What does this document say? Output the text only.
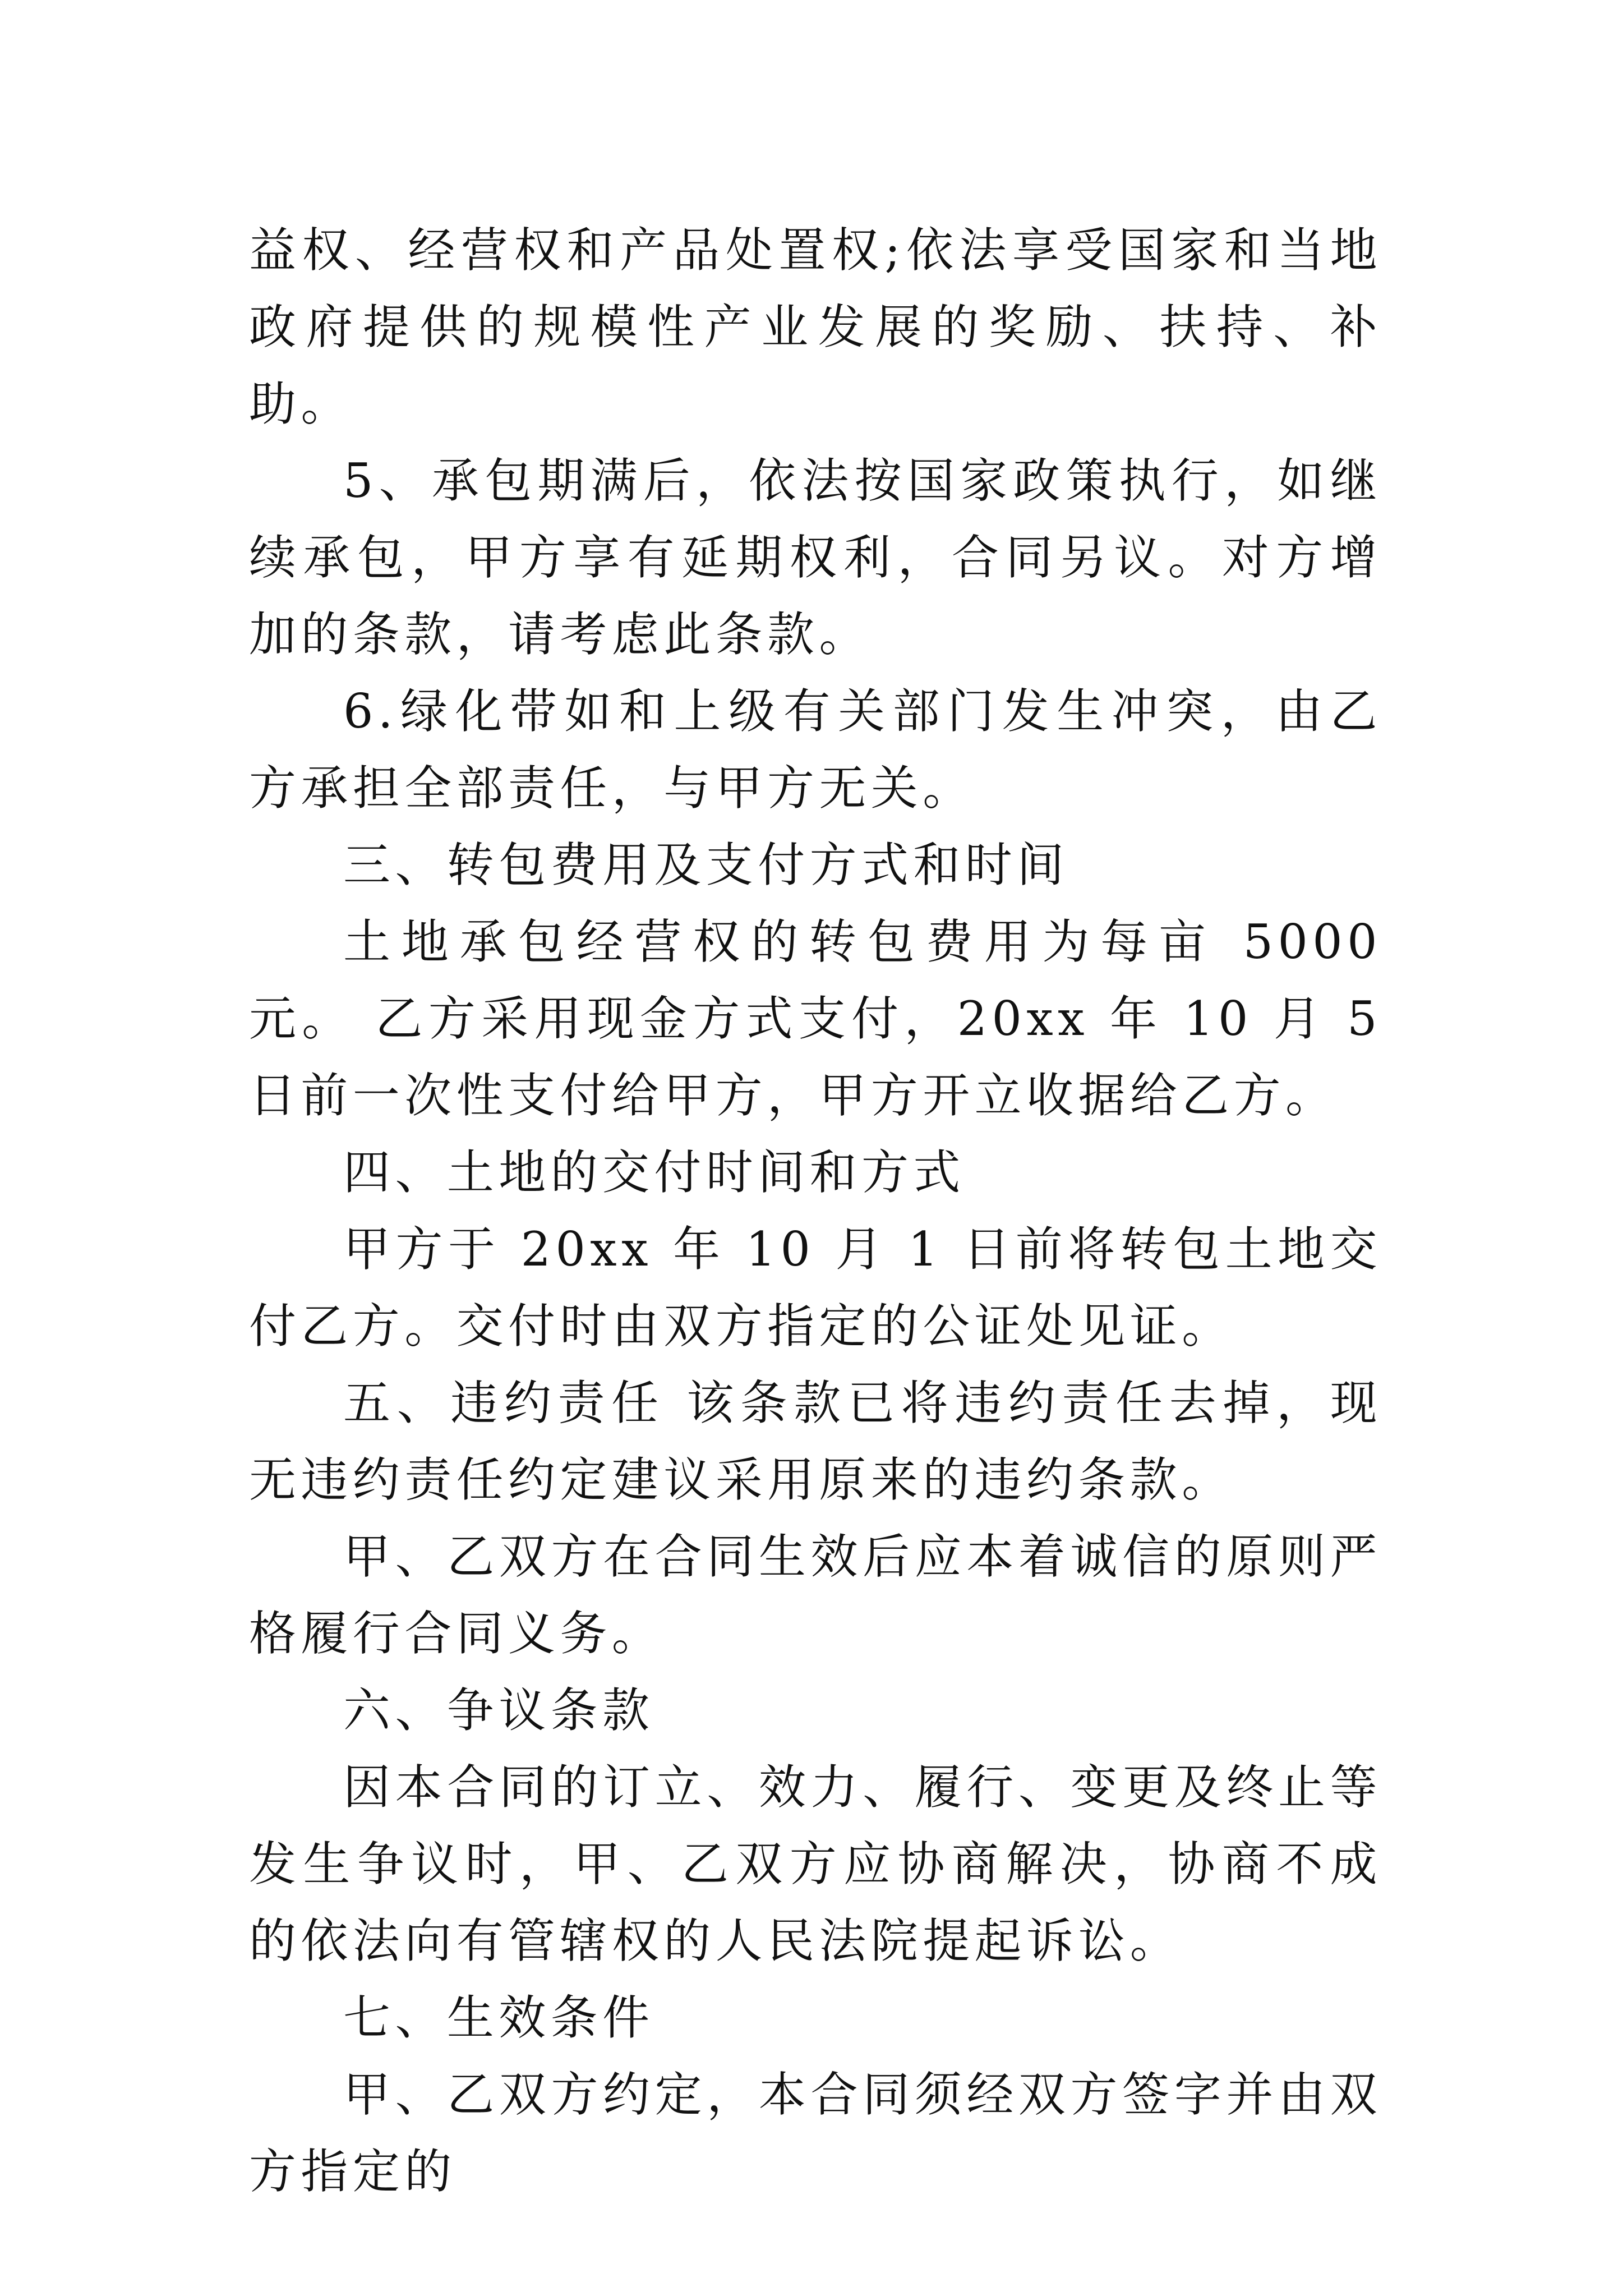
益权、经营权和产品处置权;依法享受国家和当地政府提供的规模性产业发展的奖励、扶持、补助。

5、承包期满后，依法按国家政策执行，如继续承包，甲方享有延期权利，合同另议。对方增加的条款，请考虑此条款。

6.绿化带如和上级有关部门发生冲突，由乙方承担全部责任，与甲方无关。

三、转包费用及支付方式和时间

土地承包经营权的转包费用为每亩 5000 元。 乙方采用现金方式支付，20xx 年 10 月 5 日前一次性支付给甲方，甲方开立收据给乙方。

四、土地的交付时间和方式

甲方于 20xx 年 10 月 1 日前将转包土地交付乙方。交付时由双方指定的公证处见证。

五、违约责任 该条款已将违约责任去掉，现无违约责任约定建议采用原来的违约条款。

甲、乙双方在合同生效后应本着诚信的原则严格履行合同义务。

六、争议条款

因本合同的订立、效力、履行、变更及终止等发生争议时，甲、乙双方应协商解决，协商不成的依法向有管辖权的人民法院提起诉讼。

七、生效条件

甲、乙双方约定，本合同须经双方签字并由双方指定的
